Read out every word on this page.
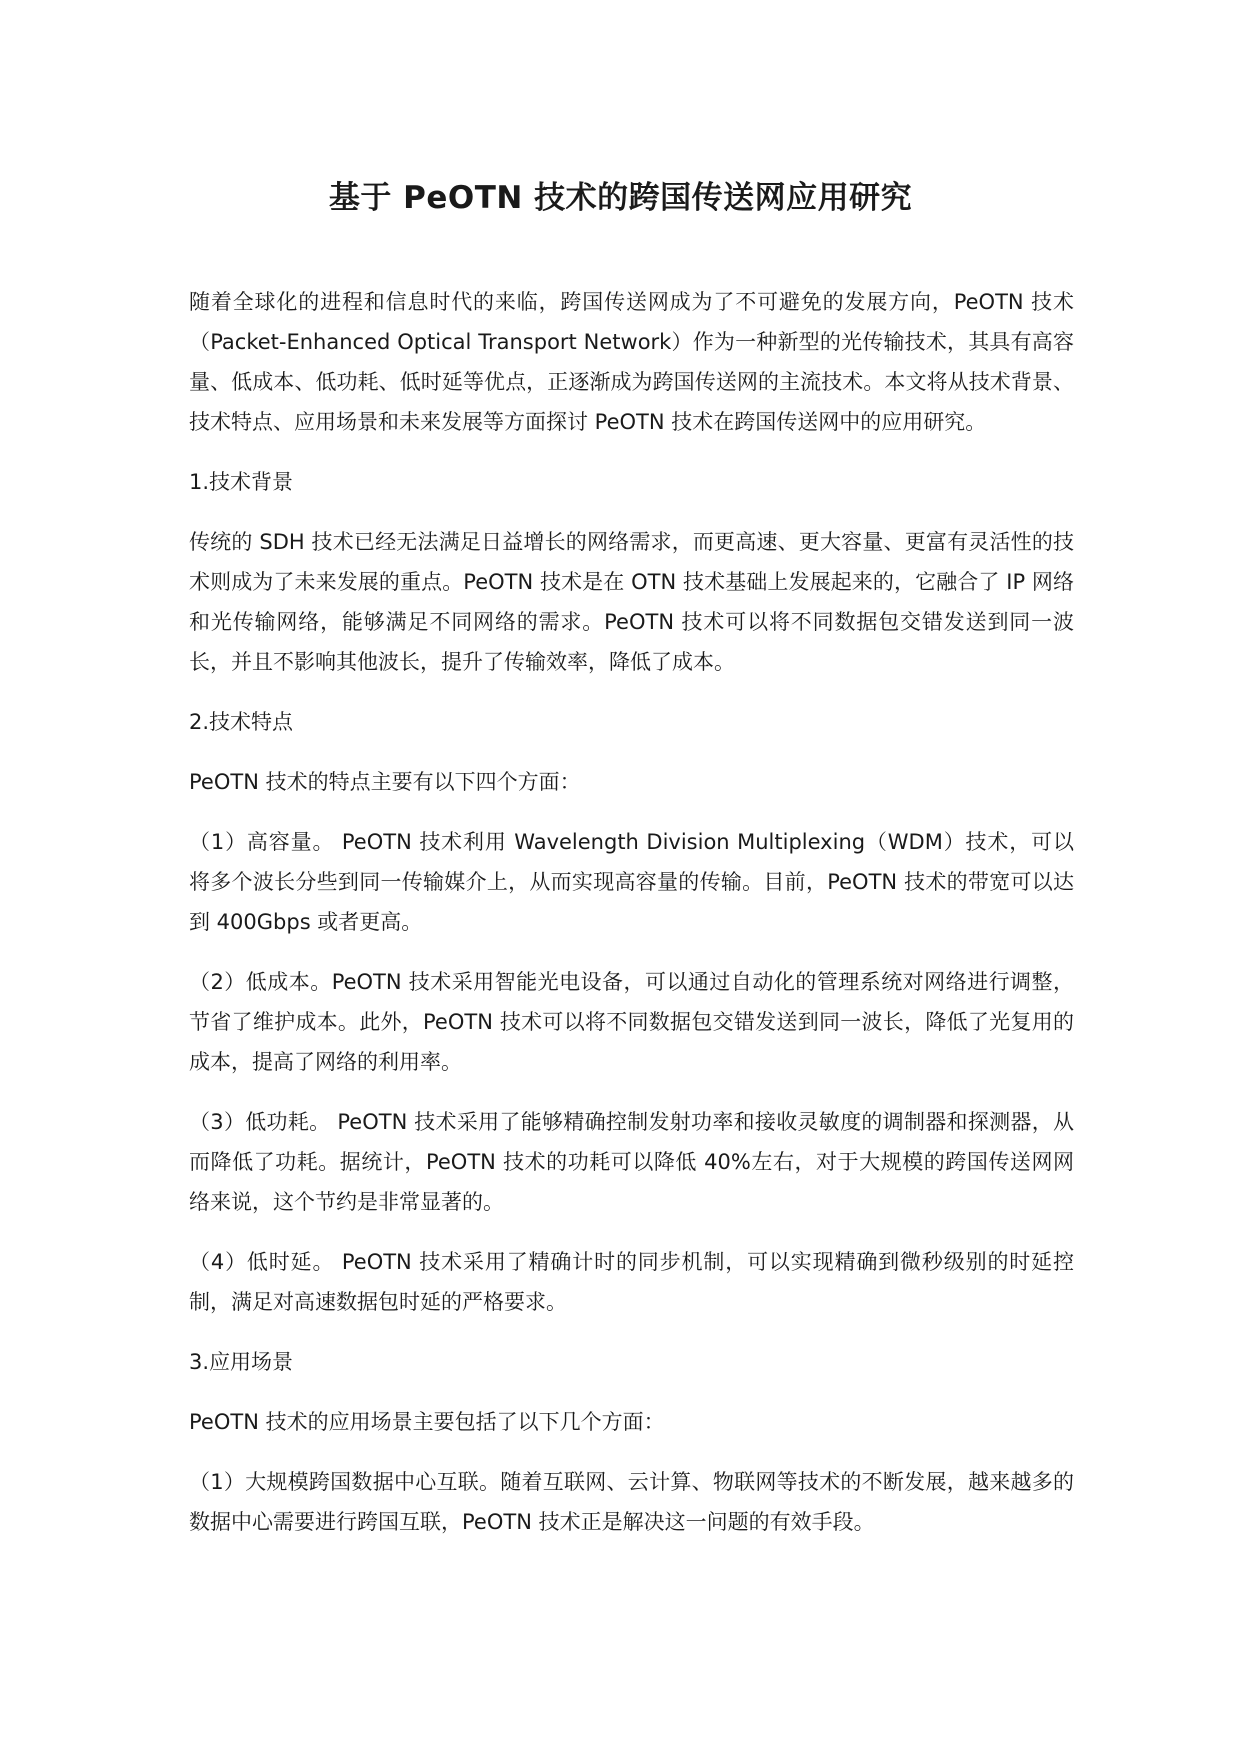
基于 PeOTN 技术的跨国传送网应用研究

随着全球化的进程和信息时代的来临，跨国传送网成为了不可避免的发展方向，PeOTN 技术（Packet-Enhanced Optical Transport Network）作为一种新型的光传输技术，其具有高容量、低成本、低功耗、低时延等优点，正逐渐成为跨国传送网的主流技术。本文将从技术背景、技术特点、应用场景和未来发展等方面探讨 PeOTN 技术在跨国传送网中的应用研究。

1.技术背景

传统的 SDH 技术已经无法满足日益增长的网络需求，而更高速、更大容量、更富有灵活性的技术则成为了未来发展的重点。PeOTN 技术是在 OTN 技术基础上发展起来的，它融合了 IP 网络和光传输网络，能够满足不同网络的需求。PeOTN 技术可以将不同数据包交错发送到同一波长，并且不影响其他波长，提升了传输效率，降低了成本。

2.技术特点

PeOTN 技术的特点主要有以下四个方面：

（1）高容量。 PeOTN 技术利用 Wavelength Division Multiplexing（WDM）技术，可以将多个波长分些到同一传输媒介上，从而实现高容量的传输。目前，PeOTN 技术的带宽可以达到 400Gbps 或者更高。

（2）低成本。PeOTN 技术采用智能光电设备，可以通过自动化的管理系统对网络进行调整，节省了维护成本。此外，PeOTN 技术可以将不同数据包交错发送到同一波长，降低了光复用的成本，提高了网络的利用率。

（3）低功耗。 PeOTN 技术采用了能够精确控制发射功率和接收灵敏度的调制器和探测器，从而降低了功耗。据统计，PeOTN 技术的功耗可以降低 40%左右，对于大规模的跨国传送网网络来说，这个节约是非常显著的。

（4）低时延。 PeOTN 技术采用了精确计时的同步机制，可以实现精确到微秒级别的时延控制，满足对高速数据包时延的严格要求。

3.应用场景

PeOTN 技术的应用场景主要包括了以下几个方面：

（1）大规模跨国数据中心互联。随着互联网、云计算、物联网等技术的不断发展，越来越多的数据中心需要进行跨国互联，PeOTN 技术正是解决这一问题的有效手段。
